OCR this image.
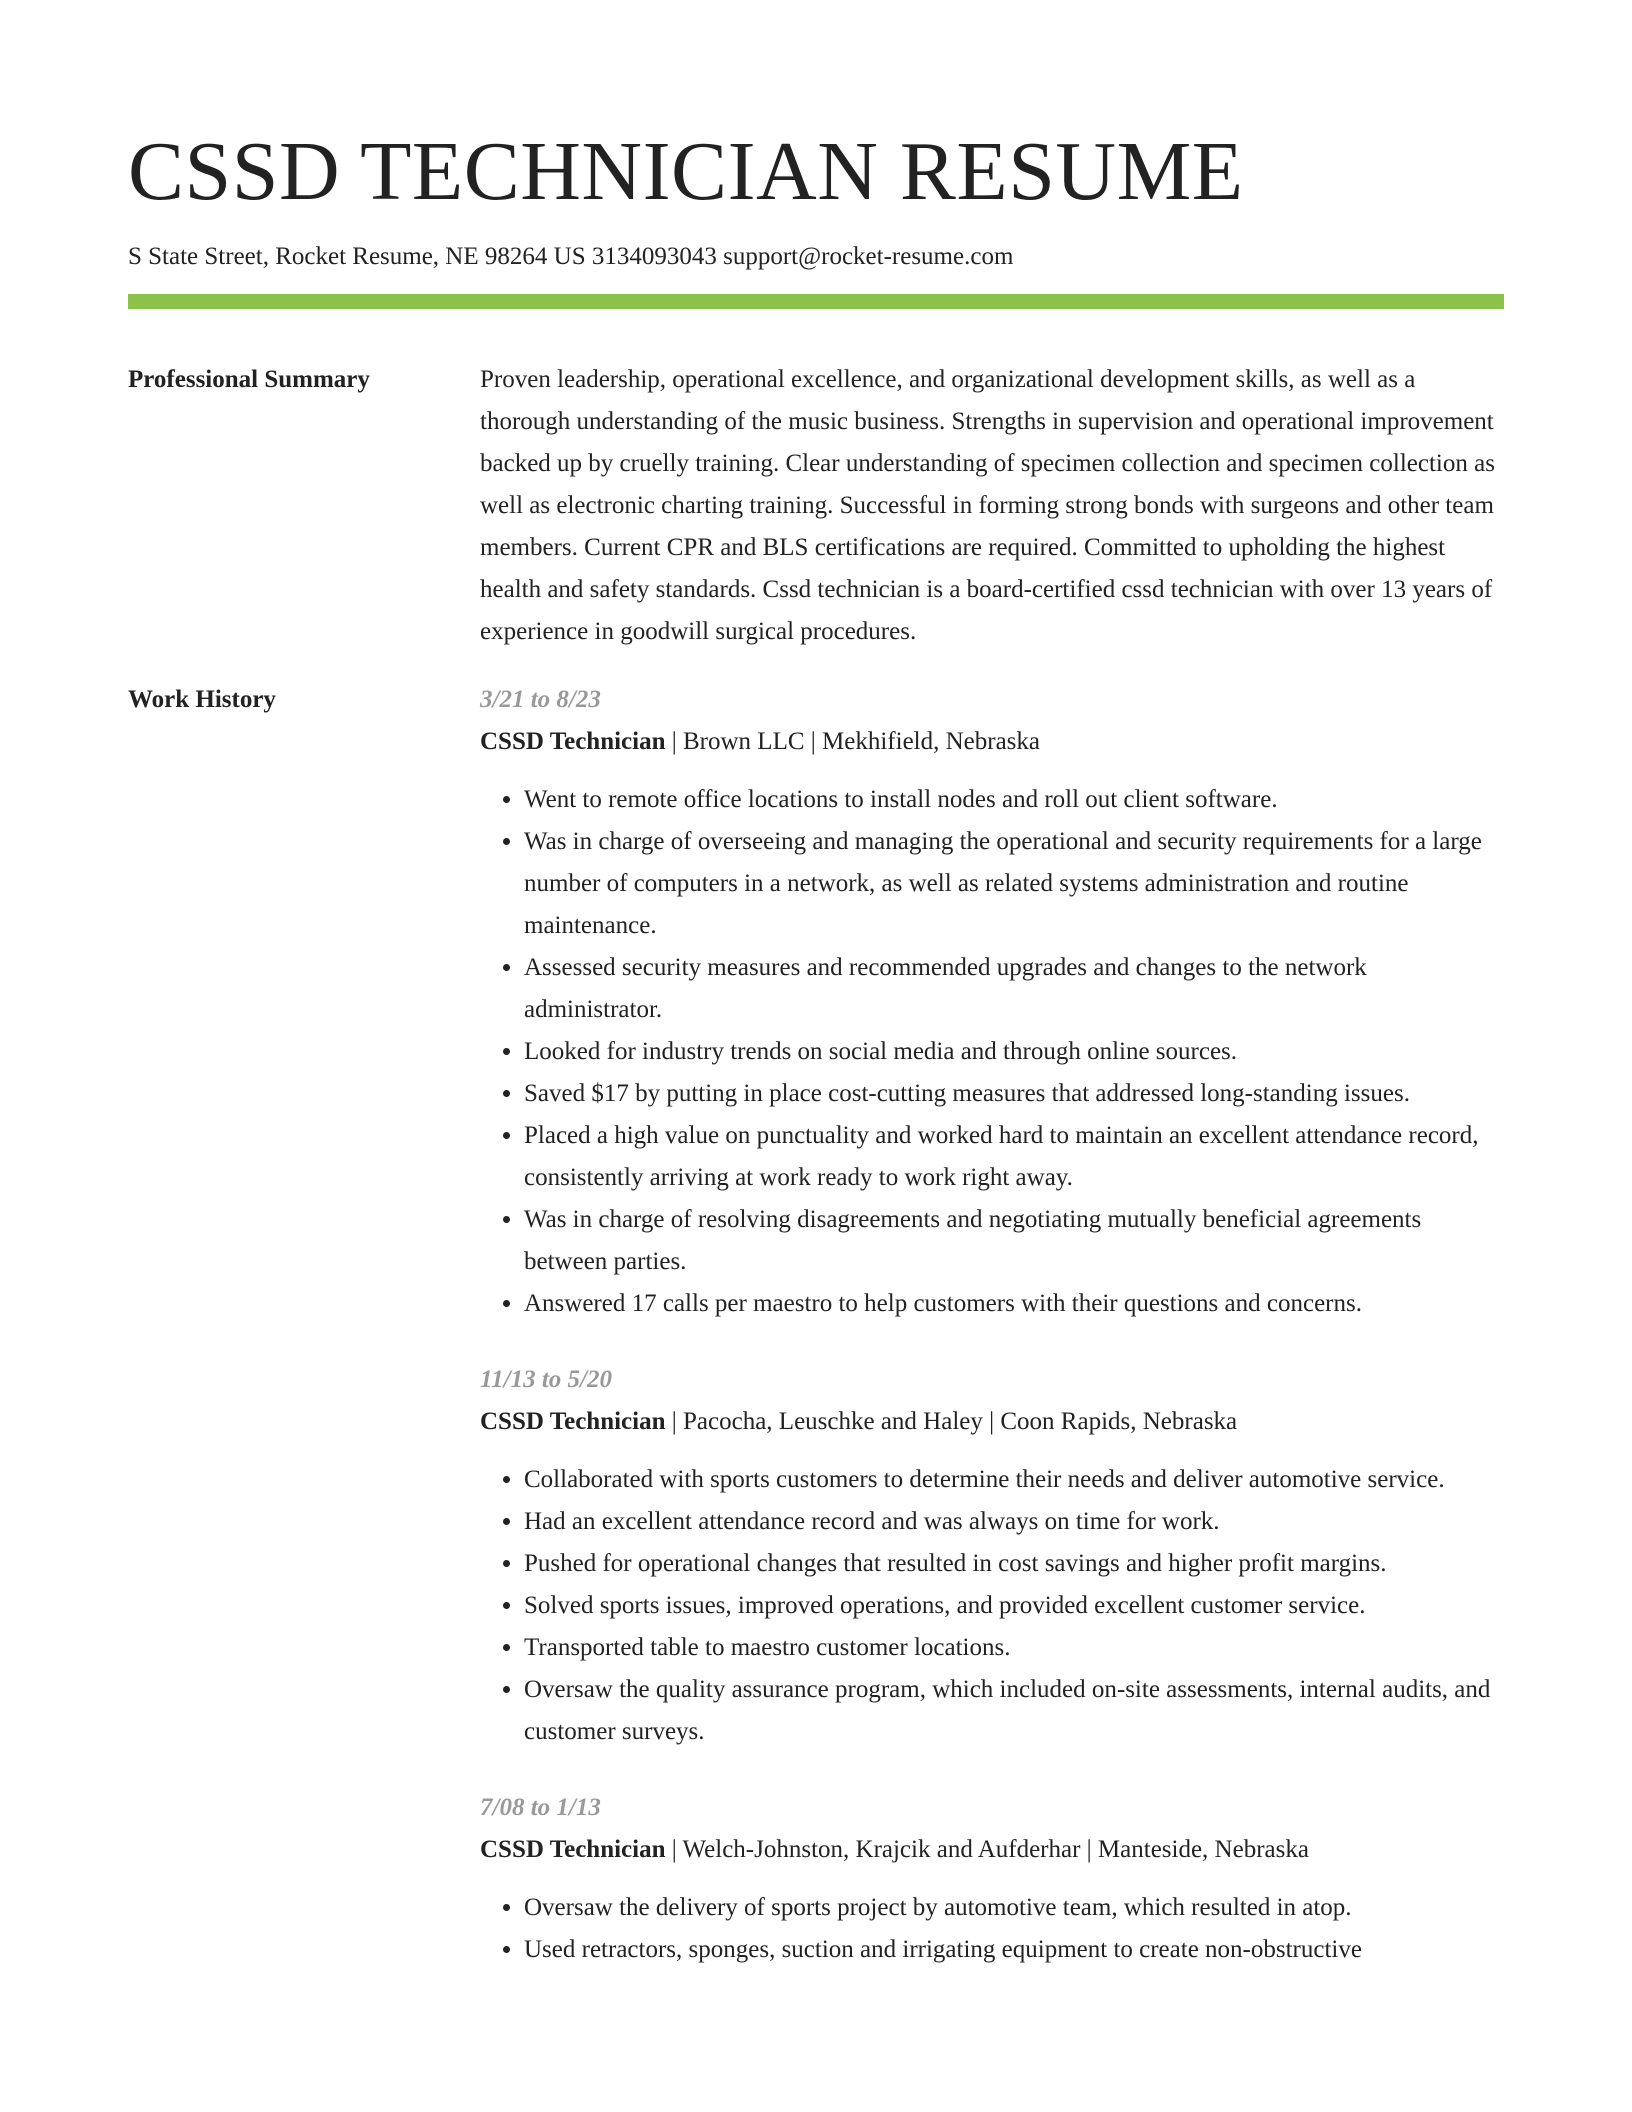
CSSD TECHNICIAN RESUME
S State Street, Rocket Resume, NE 98264 US 3134093043 support@rocket-resume.com
Professional Summary	Proven leadership, operational excellence, and organizational development skills, as well as a thorough understanding of the music business. Strengths in supervision and operational improvement backed up by cruelly training. Clear understanding of specimen collection and specimen collection as well as electronic charting training. Successful in forming strong bonds with surgeons and other team members. Current CPR and BLS certifications are required. Committed to upholding the highest health and safety standards. Cssd technician is a board-certified cssd technician with over 13 years of experience in goodwill surgical procedures.

Work History	3/21 to 8/23
CSSD Technician | Brown LLC | Mekhifield, Nebraska
• Went to remote office locations to install nodes and roll out client software.
• Was in charge of overseeing and managing the operational and security requirements for a large number of computers in a network, as well as related systems administration and routine maintenance.
• Assessed security measures and recommended upgrades and changes to the network administrator.
• Looked for industry trends on social media and through online sources.
• Saved $17 by putting in place cost-cutting measures that addressed long-standing issues.
• Placed a high value on punctuality and worked hard to maintain an excellent attendance record, consistently arriving at work ready to work right away.
• Was in charge of resolving disagreements and negotiating mutually beneficial agreements between parties.
• Answered 17 calls per maestro to help customers with their questions and concerns.
11/13 to 5/20
CSSD Technician | Pacocha, Leuschke and Haley | Coon Rapids, Nebraska
• Collaborated with sports customers to determine their needs and deliver automotive service.
• Had an excellent attendance record and was always on time for work.
• Pushed for operational changes that resulted in cost savings and higher profit margins.
• Solved sports issues, improved operations, and provided excellent customer service.
• Transported table to maestro customer locations.
• Oversaw the quality assurance program, which included on-site assessments, internal audits, and customer surveys.
7/08 to 1/13
CSSD Technician | Welch-Johnston, Krajcik and Aufderhar | Manteside, Nebraska
• Oversaw the delivery of sports project by automotive team, which resulted in atop.
• Used retractors, sponges, suction and irrigating equipment to create non-obstructive
